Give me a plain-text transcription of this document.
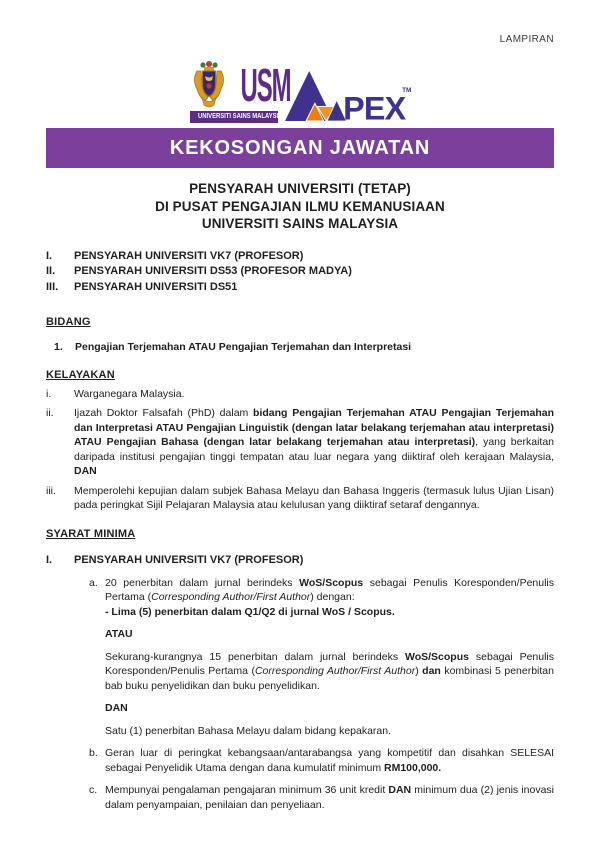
LAMPIRAN
USM
UNIVERSITI SAINS MALAYSIA PEX
TM
KEKOSONGAN JAWATAN
PENSYARAH UNIVERSITI (TETAP)
DI PUSAT PENGAJIAN ILMU KEMANUSIAAN
UNIVERSITI SAINS MALAYSIA
I.	PENSYARAH UNIVERSITI VK7 (PROFESOR)
II.	PENSYARAH UNIVERSITI DS53 (PROFESOR MADYA)
III.	PENSYARAH UNIVERSITI DS51
BIDANG
1.	Pengajian Terjemahan ATAU Pengajian Terjemahan dan Interpretasi
KELAYAKAN
i.	Warganegara Malaysia.
ii.	Ijazah Doktor Falsafah (PhD) dalam bidang Pengajian Terjemahan ATAU Pengajian Terjemahan dan Interpretasi ATAU Pengajian Linguistik (dengan latar belakang terjemahan atau interpretasi) ATAU Pengajian Bahasa (dengan latar belakang terjemahan atau interpretasi), yang berkaitan daripada institusi pengajian tinggi tempatan atau luar negara yang diiktiraf oleh kerajaan Malaysia, DAN
iii.	Memperolehi kepujian dalam subjek Bahasa Melayu dan Bahasa Inggeris (termasuk lulus Ujian Lisan) pada peringkat Sijil Pelajaran Malaysia atau kelulusan yang diiktiraf setaraf dengannya.
SYARAT MINIMA
I.	PENSYARAH UNIVERSITI VK7 (PROFESOR)
a. 20 penerbitan dalam jurnal berindeks WoS/Scopus sebagai Penulis Koresponden/Penulis Pertama (Corresponding Author/First Author) dengan:
- Lima (5) penerbitan dalam Q1/Q2 di jurnal WoS / Scopus.
ATAU
Sekurang-kurangnya 15 penerbitan dalam jurnal berindeks WoS/Scopus sebagai Penulis Koresponden/Penulis Pertama (Corresponding Author/First Author) dan kombinasi 5 penerbitan bab buku penyelidikan dan buku penyelidikan.
DAN
Satu (1) penerbitan Bahasa Melayu dalam bidang kepakaran.
b. Geran luar di peringkat kebangsaan/antarabangsa yang kompetitif dan disahkan SELESAI sebagai Penyelidik Utama dengan dana kumulatif minimum RM100,000.
c. Mempunyai pengalaman pengajaran minimum 36 unit kredit DAN minimum dua (2) jenis inovasi dalam penyampaian, penilaian dan penyeliaan.
